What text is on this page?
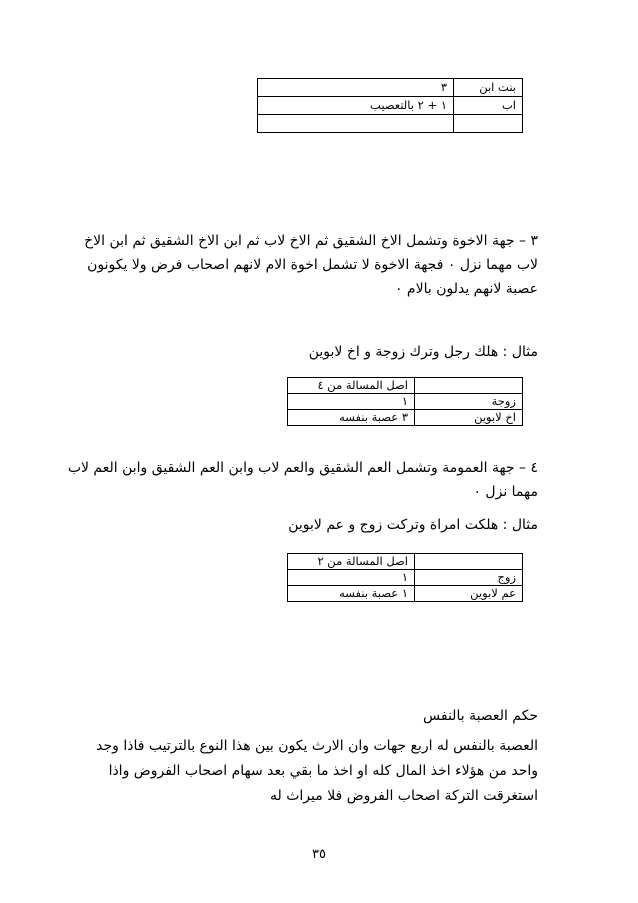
بنت ابن	٣
اب	١ + ٢ بالتعصيب

٣ – جهة الاخوة وتشمل الاخ الشقيق ثم الاخ لاب ثم ابن الاخ الشقيق ثم ابن الاخ
لاب مهما نزل ٠ فجهة الاخوة لا تشمل اخوة الام لانهم اصحاب فرض ولا يكونون
عصبة لانهم يدلون بالام ٠
مثال : هلك رجل وترك زوجة و اخ لابوين
	اصل المسالة من ٤
زوجة	١
اخ لابوين	٣ عصبة بنفسه
٤ – جهة العمومة وتشمل العم الشقيق والعم لاب وابن العم الشقيق وابن العم لاب
مهما نزل ٠
مثال : هلكت امراة وتركت زوج و عم لابوين
	اصل المسالة من ٢
زوج	١
عم لابوين	١ عصبة بنفسه
حكم العصبة بالنفس
العصبة بالنفس له اربع جهات وان الارث يكون بين هذا النوع بالترتيب فاذا وجد
واحد من هؤلاء اخذ المال كله او اخذ ما بقي بعد سهام اصحاب الفروض واذا
استغرقت التركة اصحاب الفروض فلا ميراث له
٣٥
